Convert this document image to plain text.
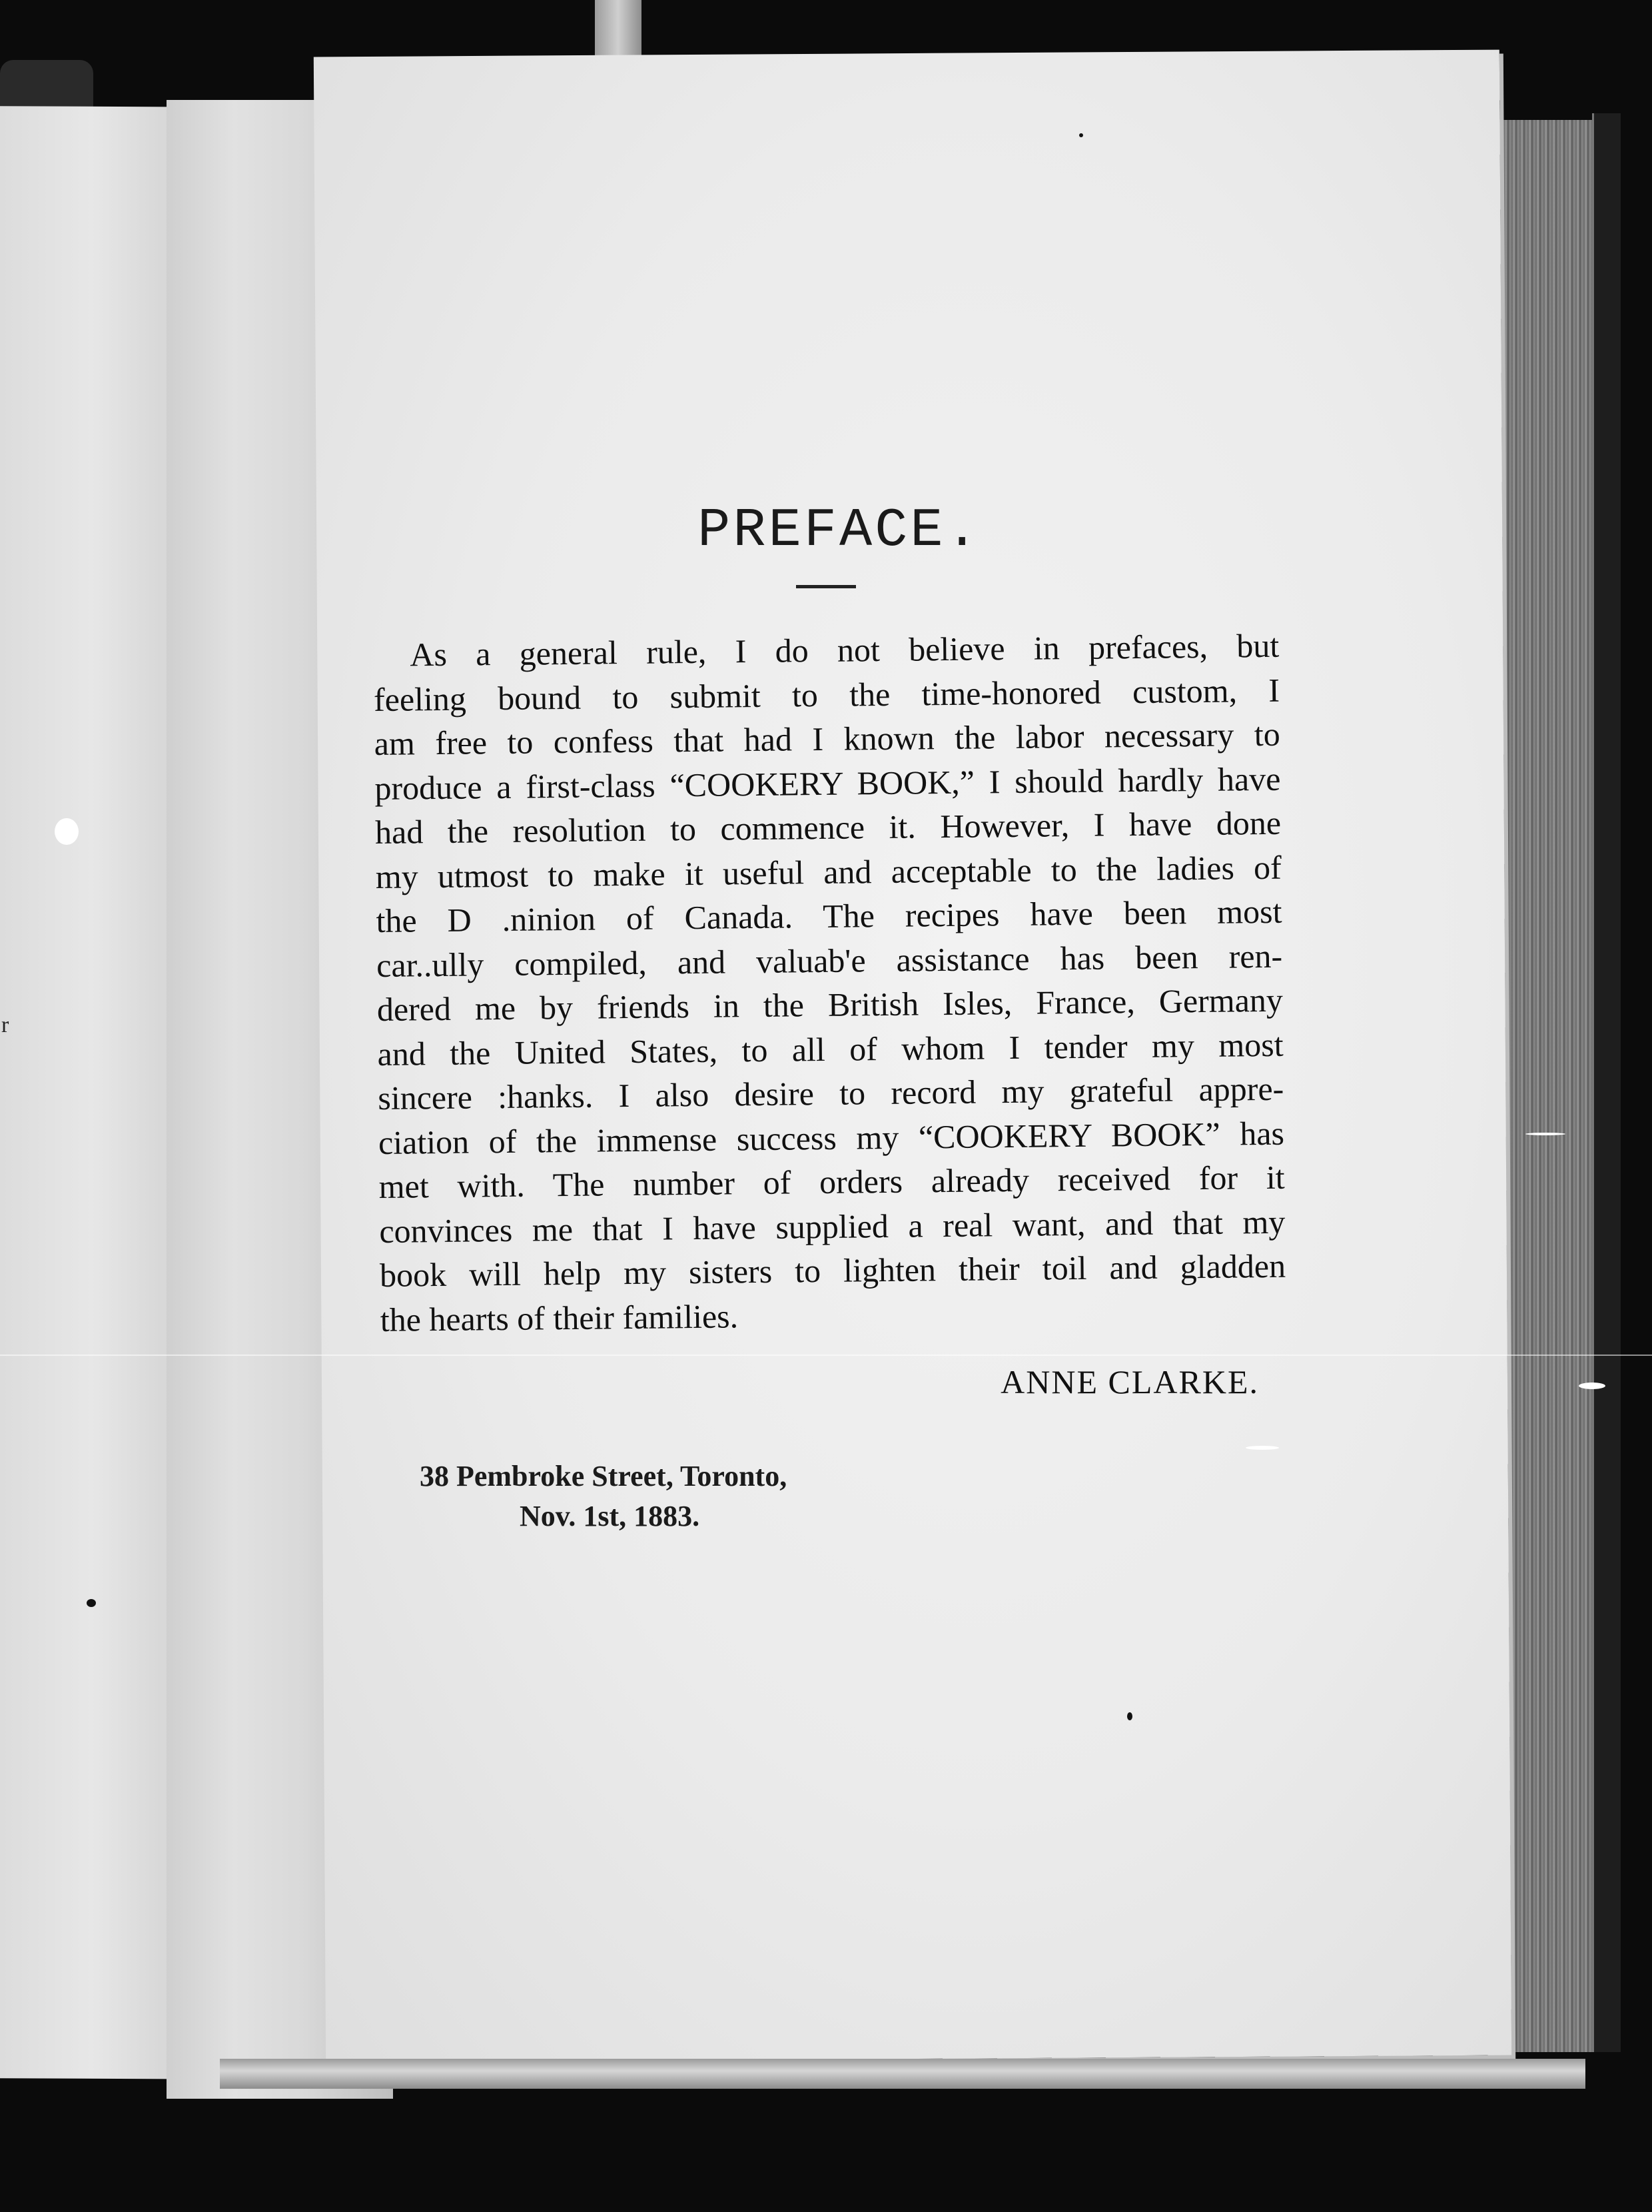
r
PREFACE.
As a general rule, I do not believe in prefaces, but
feeling bound to submit to the time-honored custom, I
am free to confess that had I known the labor necessary to
produce a first-class “COOKERY BOOK,” I should hardly have
had the resolution to commence it. However, I have done
my utmost to make it useful and acceptable to the ladies of
the D .ninion of Canada. The recipes have been most
car..ully compiled, and valuab'e assistance has been ren-
dered me by friends in the British Isles, France, Germany
and the United States, to all of whom I tender my most
sincere :hanks. I also desire to record my grateful appre-
ciation of the immense success my “COOKERY BOOK” has
met with. The number of orders already received for it
convinces me that I have supplied a real want, and that my
book will help my sisters to lighten their toil and gladden
the hearts of their families.
ANNE CLARKE.
38 Pembroke Street, Toronto,
Nov. 1st, 1883.
